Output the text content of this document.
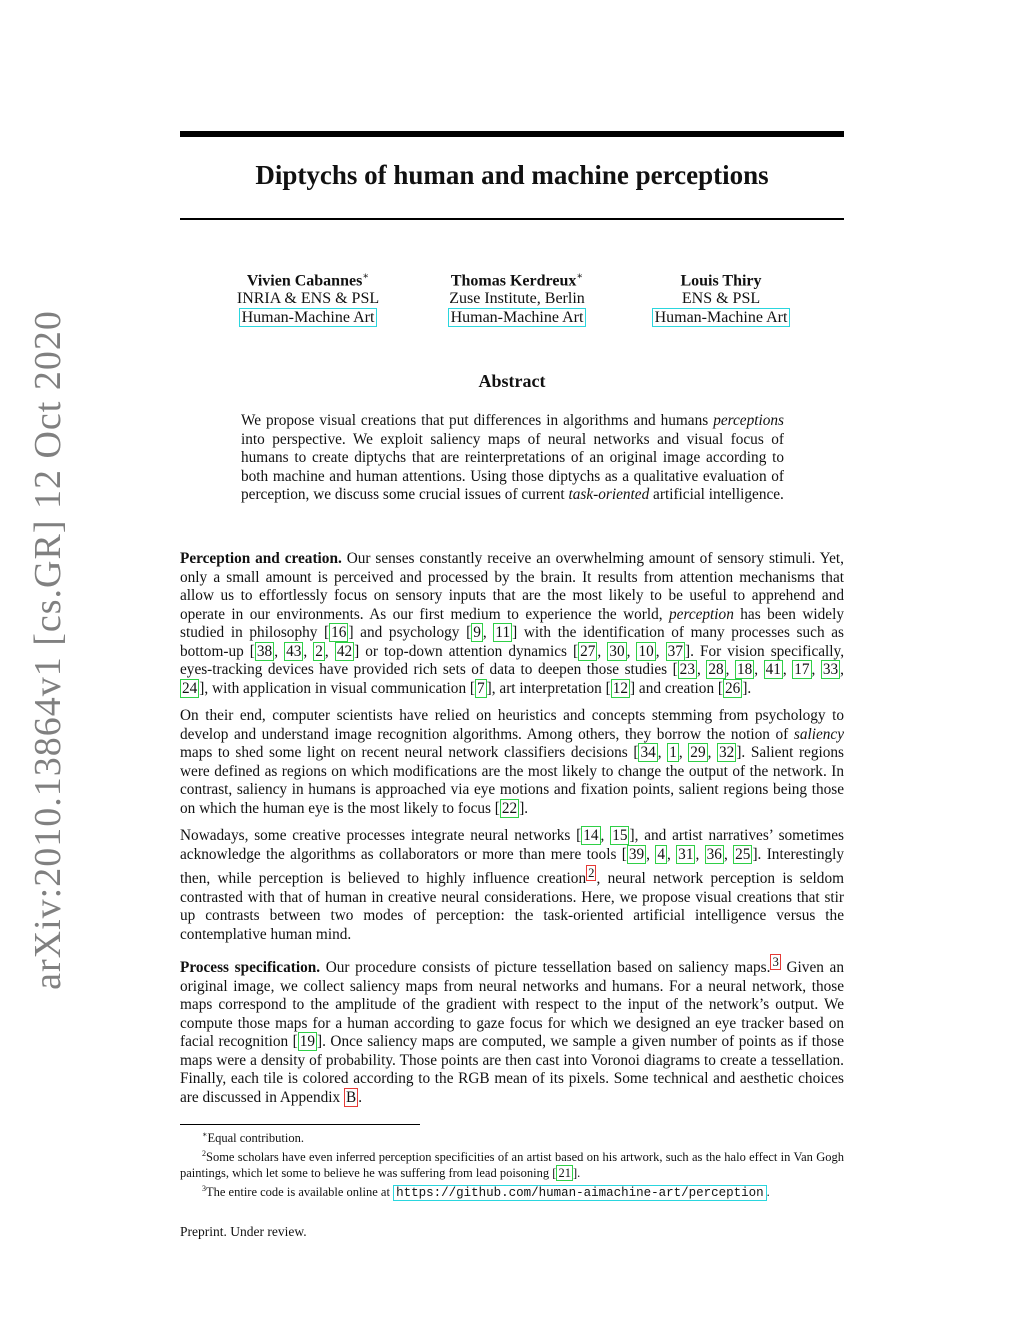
arXiv:2010.13864v1 [cs.GR] 12 Oct 2020
Diptychs of human and machine perceptions
Vivien Cabannes∗
INRIA & ENS & PSL
Human-Machine Art
Thomas Kerdreux∗
Zuse Institute, Berlin
Human-Machine Art
Louis Thiry
ENS & PSL
Human-Machine Art
Abstract
We propose visual creations that put differences in algorithms and humans perceptions into perspective. We exploit saliency maps of neural networks and visual focus of humans to create diptychs that are reinterpretations of an original image according to both machine and human attentions. Using those diptychs as a qualitative evaluation of perception, we discuss some crucial issues of current task-oriented artificial intelligence.

Perception and creation. Our senses constantly receive an overwhelming amount of sensory stimuli. Yet, only a small amount is perceived and processed by the brain. It results from attention mechanisms that allow us to effortlessly focus on sensory inputs that are the most likely to be useful to apprehend and operate in our environments. As our first medium to experience the world, perception has been widely studied in philosophy [ 16 ] and psychology [ 9 , 11 ] with the identification of many processes such as bottom-up [ 38 , 43 , 2 , 42 ] or top-down attention dynamics [ 27 , 30 , 10 , 37 ]. For vision specifically, eyes-tracking devices have provided rich sets of data to deepen those studies [ 23 , 28 , 18 , 41 , 17 , 33 , 24 ], with application in visual communication [ 7 ], art interpretation [ 12 ] and creation [ 26 ].

On their end, computer scientists have relied on heuristics and concepts stemming from psychology to develop and understand image recognition algorithms. Among others, they borrow the notion of saliency maps to shed some light on recent neural network classifiers decisions [ 34 , 1 , 29 , 32 ]. Salient regions were defined as regions on which modifications are the most likely to change the output of the network. In contrast, saliency in humans is approached via eye motions and fixation points, salient regions being those on which the human eye is the most likely to focus [ 22 ].

Nowadays, some creative processes integrate neural networks [ 14 , 15 ], and artist narratives’ sometimes acknowledge the algorithms as collaborators or more than mere tools [ 39 , 4 , 31 , 36 , 25 ]. Interestingly then, while perception is believed to highly influence creation $^2$ , neural network perception is seldom contrasted with that of human in creative neural considerations. Here, we propose visual creations that stir up contrasts between two modes of perception: the task-oriented artificial intelligence versus the contemplative human mind.

Process specification. Our procedure consists of picture tessellation based on saliency maps. $^3$ Given an original image, we collect saliency maps from neural networks and humans. For a neural network, those maps correspond to the amplitude of the gradient with respect to the input of the network’s output. We compute those maps for a human according to gaze focus for which we designed an eye tracker based on facial recognition [ 19 ]. Once saliency maps are computed, we sample a given number of points as if those maps were a density of probability. Those points are then cast into Voronoi diagrams to create a tessellation. Finally, each tile is colored according to the RGB mean of its pixels. Some technical and aesthetic choices are discussed in Appendix B .

∗Equal contribution.
$^2$Some scholars have even inferred perception specificities of an artist based on his artwork, such as the halo effect in Van Gogh paintings, which let some to believe he was suffering from lead poisoning [ 21 ].
$^3$The entire code is available online at https://github.com/human-aimachine-art/perception .
Preprint. Under review.
